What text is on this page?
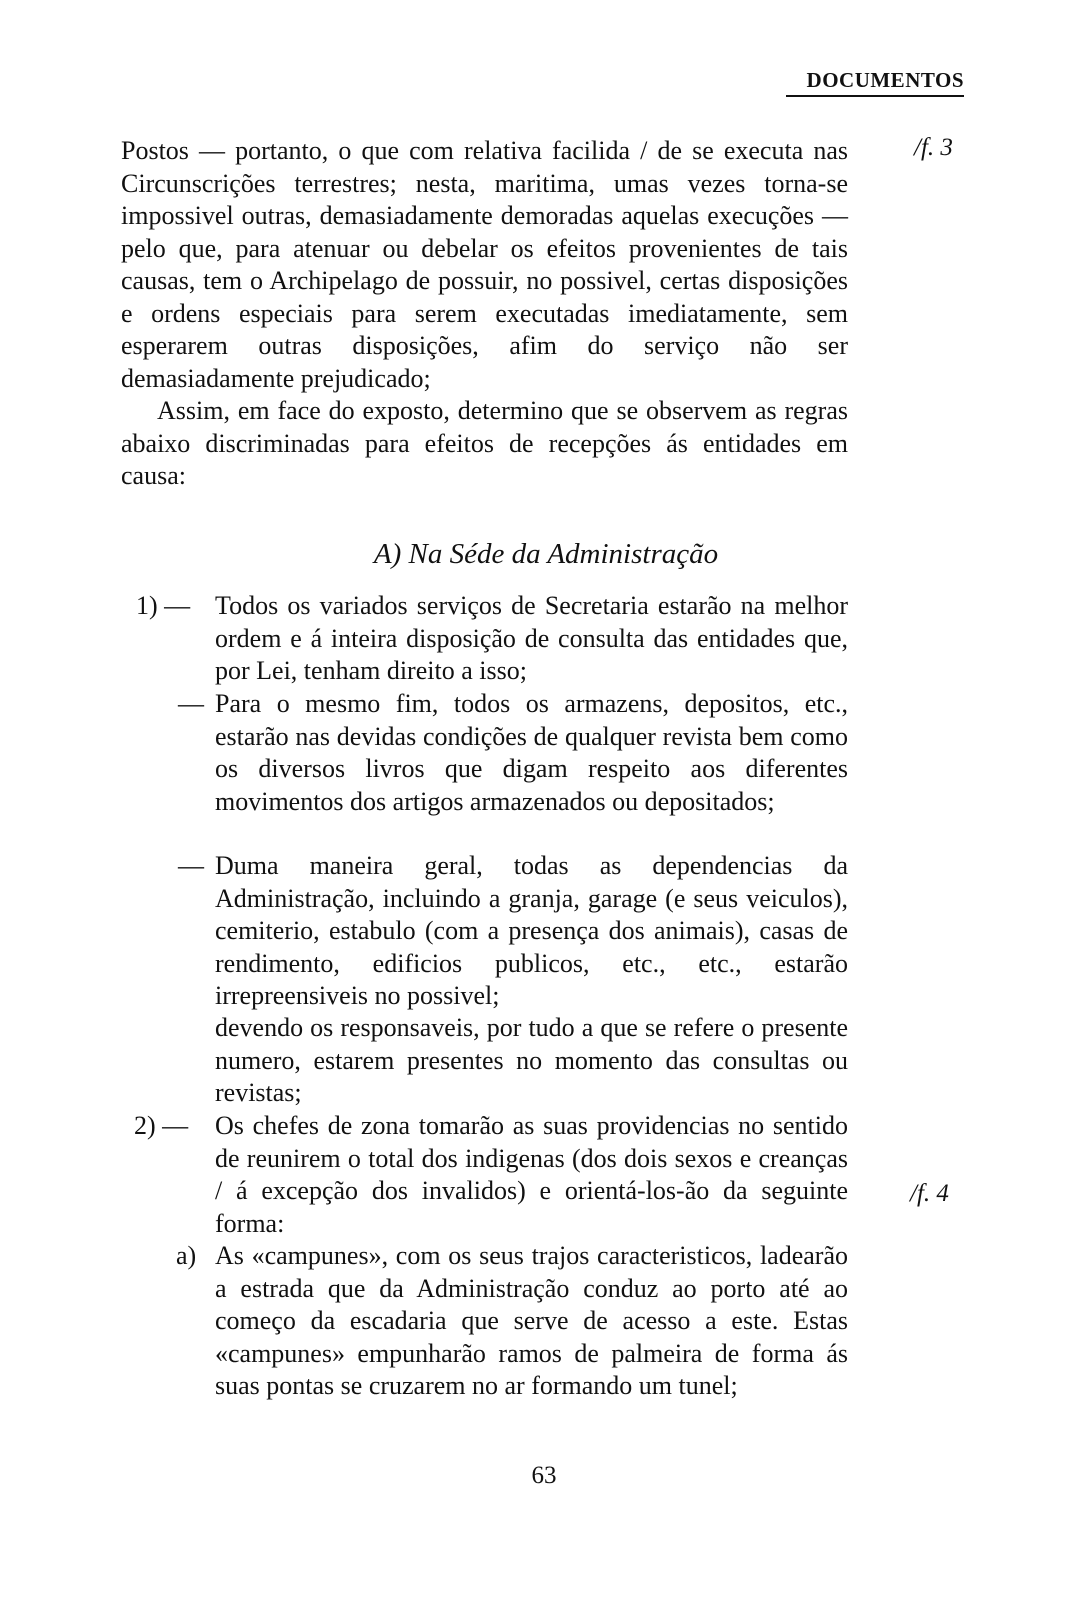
DOCUMENTOS
/f. 3
/f. 4

Postos — portanto, o que com relativa facilida / de se executa nas Circunscrições terrestres; nesta, maritima, umas vezes torna-se impossivel outras, demasiadamente demoradas aquelas execuções — pelo que, para atenuar ou debelar os efeitos provenientes de tais causas, tem o Archipelago de possuir, no possivel, certas disposições e ordens especiais para serem executadas imediatamente, sem esperarem outras disposições, afim do serviço não ser demasiadamente prejudicado;

Assim, em face do exposto, determino que se observem as regras abaixo discriminadas para efeitos de recepções ás entidades em causa:

A) Na Séde da Administração
1) — Todos os variados serviços de Secretaria estarão na melhor ordem e á inteira disposição de consulta das entidades que, por Lei, tenham direito a isso;
— Para o mesmo fim, todos os armazens, depositos, etc., estarão nas devidas condições de qualquer revista bem como os diversos livros que digam respeito aos diferentes movimentos dos artigos armazenados ou depositados;
— Duma maneira geral, todas as dependencias da Administração, incluindo a granja, garage (e seus veiculos), cemiterio, estabulo (com a presença dos animais), casas de rendimento, edificios publicos, etc., etc., estarão irrepreensiveis no possivel;
devendo os responsaveis, por tudo a que se refere o presente numero, estarem presentes no momento das consultas ou revistas;
2) — Os chefes de zona tomarão as suas providencias no sentido de reunirem o total dos indigenas (dos dois sexos e creanças / á excepção dos invalidos) e orientá-los-ão da seguinte forma:
a) As «campunes», com os seus trajos caracteristicos, ladearão a estrada que da Administração conduz ao porto até ao começo da escadaria que serve de acesso a este. Estas «campunes» empunharão ramos de palmeira de forma ás suas pontas se cruzarem no ar formando um tunel;
63
